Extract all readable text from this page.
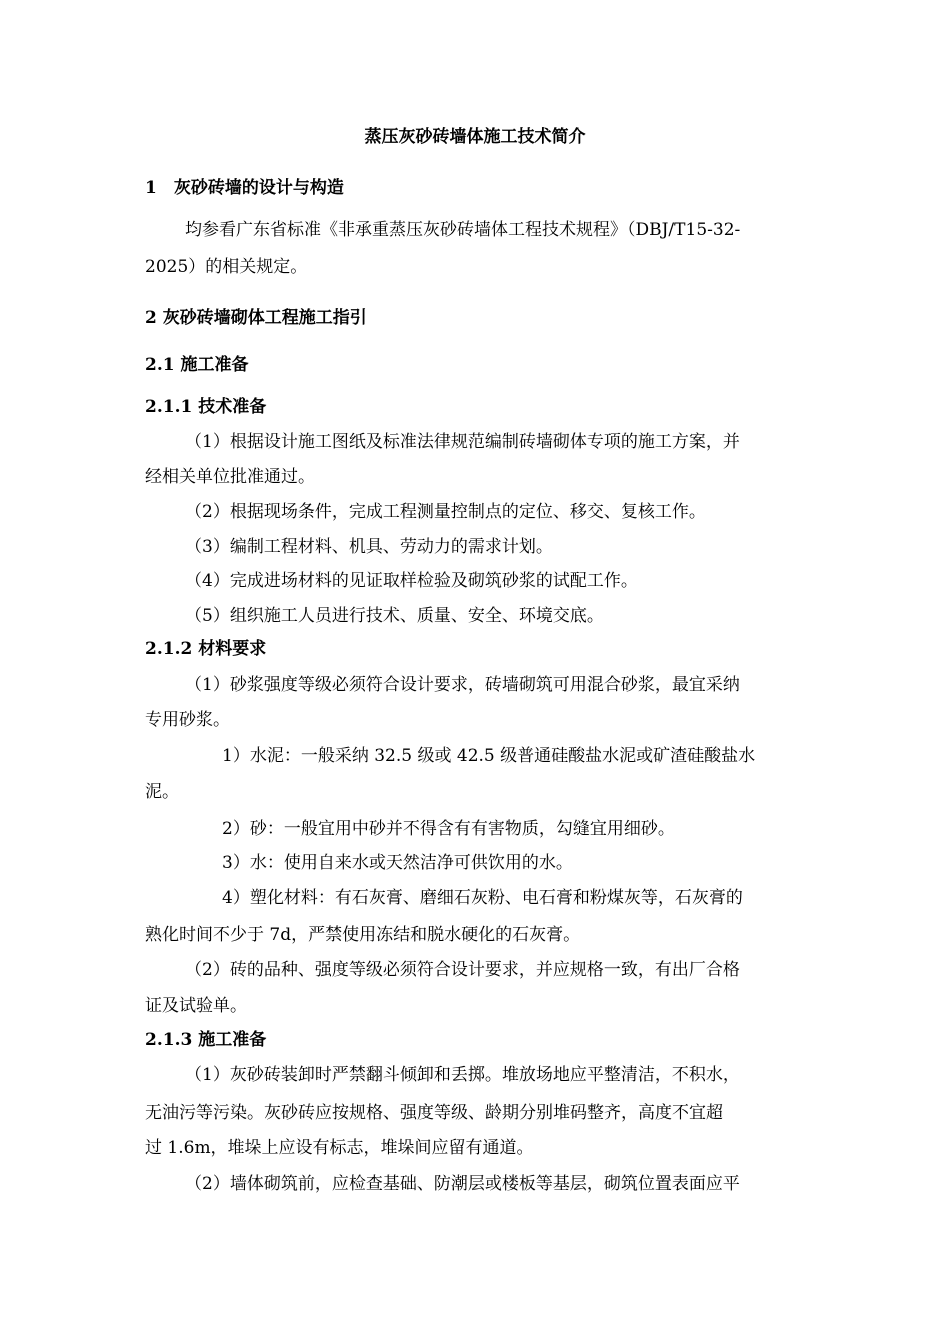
蒸压灰砂砖墙体施工技术简介
1　灰砂砖墙的设计与构造
均参看广东省标准《非承重蒸压灰砂砖墙体工程技术规程》（DBJ/T15-32-
2025）的相关规定。
2 灰砂砖墙砌体工程施工指引
2.1 施工准备
2.1.1 技术准备
（1）根据设计施工图纸及标准法律规范编制砖墙砌体专项的施工方案，并
经相关单位批准通过。
（2）根据现场条件，完成工程测量控制点的定位、移交、复核工作。
（3）编制工程材料、机具、劳动力的需求计划。
（4）完成进场材料的见证取样检验及砌筑砂浆的试配工作。
（5）组织施工人员进行技术、质量、安全、环境交底。
2.1.2 材料要求
（1）砂浆强度等级必须符合设计要求，砖墙砌筑可用混合砂浆，最宜采纳
专用砂浆。
1）水泥：一般采纳 32.5 级或 42.5 级普通硅酸盐水泥或矿渣硅酸盐水
泥。
2）砂：一般宜用中砂并不得含有有害物质，勾缝宜用细砂。
3）水：使用自来水或天然洁净可供饮用的水。
4）塑化材料：有石灰膏、磨细石灰粉、电石膏和粉煤灰等，石灰膏的
熟化时间不少于 7d，严禁使用冻结和脱水硬化的石灰膏。
（2）砖的品种、强度等级必须符合设计要求，并应规格一致，有出厂合格
证及试验单。
2.1.3 施工准备
（1）灰砂砖装卸时严禁翻斗倾卸和丢掷。堆放场地应平整清洁，不积水，
无油污等污染。灰砂砖应按规格、强度等级、龄期分别堆码整齐，高度不宜超
过 1.6m，堆垛上应设有标志，堆垛间应留有通道。
（2）墙体砌筑前，应检查基础、防潮层或楼板等基层，砌筑位置表面应平
